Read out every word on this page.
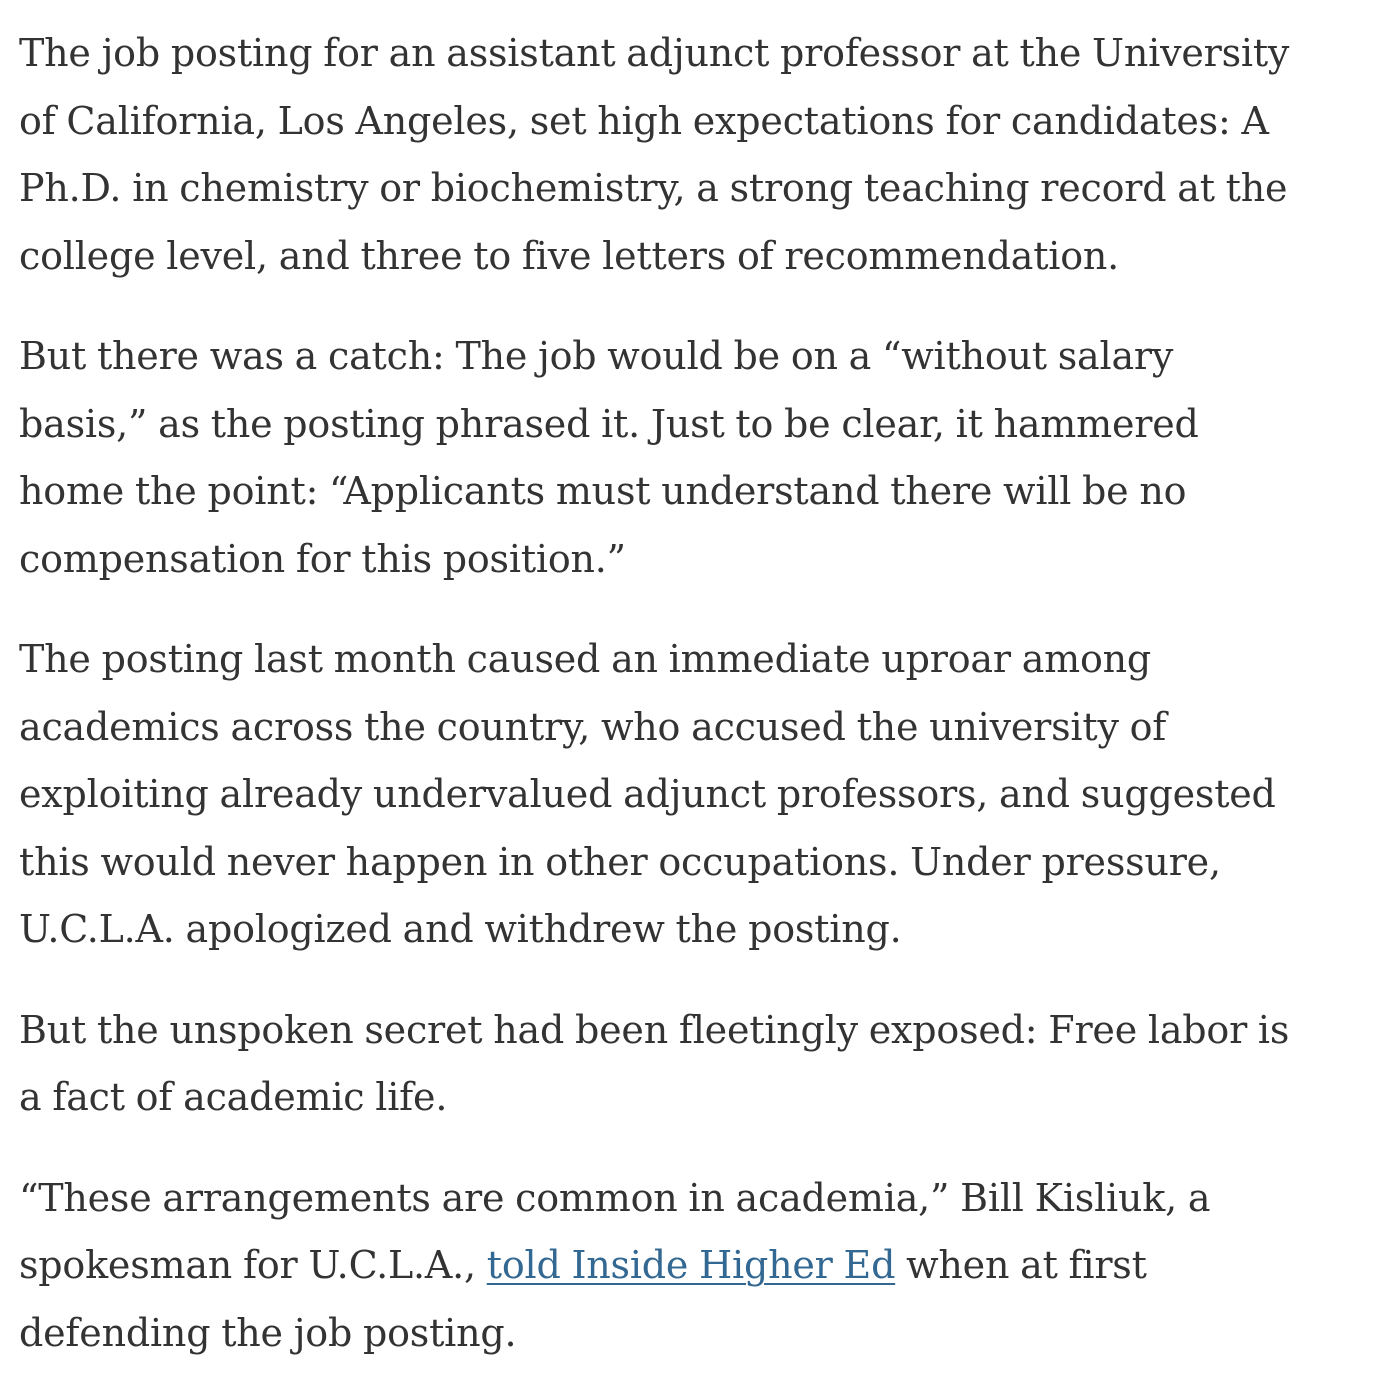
The job posting for an assistant adjunct professor at the University
of California, Los Angeles, set high expectations for candidates: A
Ph.D. in chemistry or biochemistry, a strong teaching record at the
college level, and three to five letters of recommendation.

But there was a catch: The job would be on a “without salary
basis,” as the posting phrased it. Just to be clear, it hammered
home the point: “Applicants must understand there will be no
compensation for this position.”

The posting last month caused an immediate uproar among
academics across the country, who accused the university of
exploiting already undervalued adjunct professors, and suggested
this would never happen in other occupations. Under pressure,
U.C.L.A. apologized and withdrew the posting.

But the unspoken secret had been fleetingly exposed: Free labor is
a fact of academic life.

“These arrangements are common in academia,” Bill Kisliuk, a
spokesman for U.C.L.A., told Inside Higher Ed when at first
defending the job posting.
